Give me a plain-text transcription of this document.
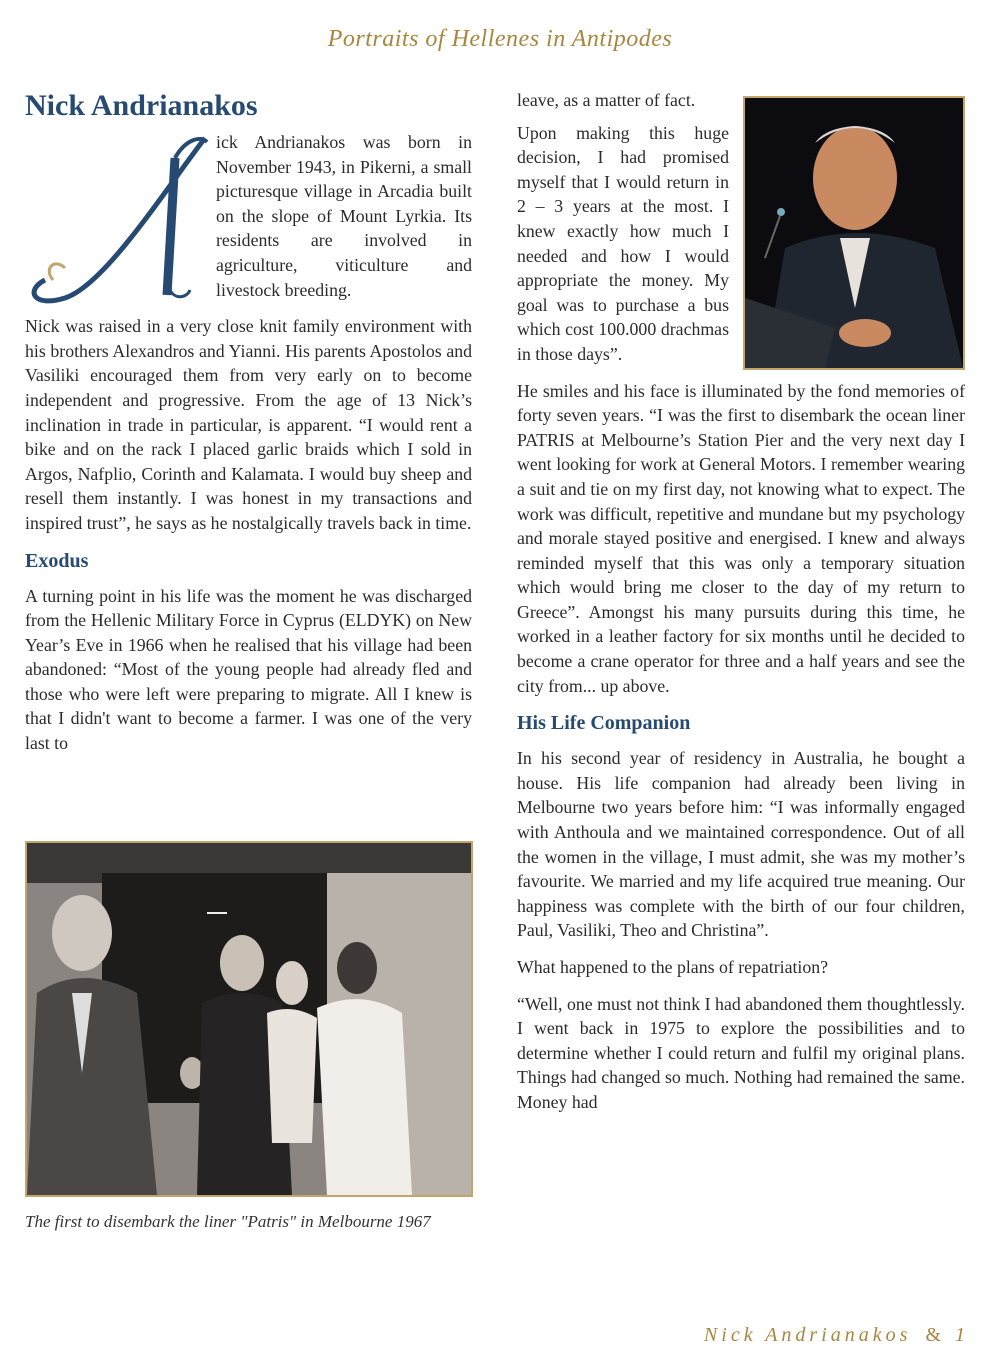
Portraits of Hellenes in Antipodes
Nick Andrianakos

ick Andrianakos was born in November 1943, in Pikerni, a small picturesque village in Arcadia built on the slope of Mount Lyrkia. Its residents are involved in agriculture, viticulture and livestock breeding.

Nick was raised in a very close knit family environment with his brothers Alexandros and Yianni. His parents Apostolos and Vasiliki encouraged them from very early on to become independent and progressive. From the age of 13 Nick’s inclination in trade in particular, is apparent. “I would rent a bike and on the rack I placed garlic braids which I sold in Argos, Nafplio, Corinth and Kalamata. I would buy sheep and resell them instantly. I was honest in my transactions and inspired trust”, he says as he nostalgically travels back in time.

Exodus

A turning point in his life was the moment he was discharged from the Hellenic Military Force in Cyprus (ELDYK) on New Year’s Eve in 1966 when he realised that his village had been abandoned: “Most of the young people had already fled and those who were left were preparing to migrate. All I knew is that I didn't want to become a farmer. I was one of the very last to

The first to disembark the liner "Patris" in Melbourne 1967

leave, as a matter of fact.

Upon making this huge decision, I had promised myself that I would return in 2 – 3 years at the most. I knew exactly how much I needed and how I would appropriate the money. My goal was to purchase a bus which cost 100.000 drachmas in those days”.

He smiles and his face is illuminated by the fond memories of forty seven years. “I was the first to disembark the ocean liner PATRIS at Melbourne’s Station Pier and the very next day I went looking for work at General Motors. I remember wearing a suit and tie on my first day, not knowing what to expect. The work was difficult, repetitive and mundane but my psychology and morale stayed positive and energised. I knew and always reminded myself that this was only a temporary situation which would bring me closer to the day of my return to Greece”. Amongst his many pursuits during this time, he worked in a leather factory for six months until he decided to become a crane operator for three and a half years and see the city from... up above.

His Life Companion

In his second year of residency in Australia, he bought a house. His life companion had already been living in Melbourne two years before him: “I was informally engaged with Anthoula and we maintained correspondence. Out of all the women in the village, I must admit, she was my mother’s favourite. We married and my life acquired true meaning. Our happiness was complete with the birth of our four children, Paul, Vasiliki, Theo and Christina”.

What happened to the plans of repatriation?

“Well, one must not think I had abandoned them thoughtlessly. I went back in 1975 to explore the possibilities and to determine whether I could return and fulfil my original plans. Things had changed so much. Nothing had remained the same. Money had

Nick Andrianakos & 1
